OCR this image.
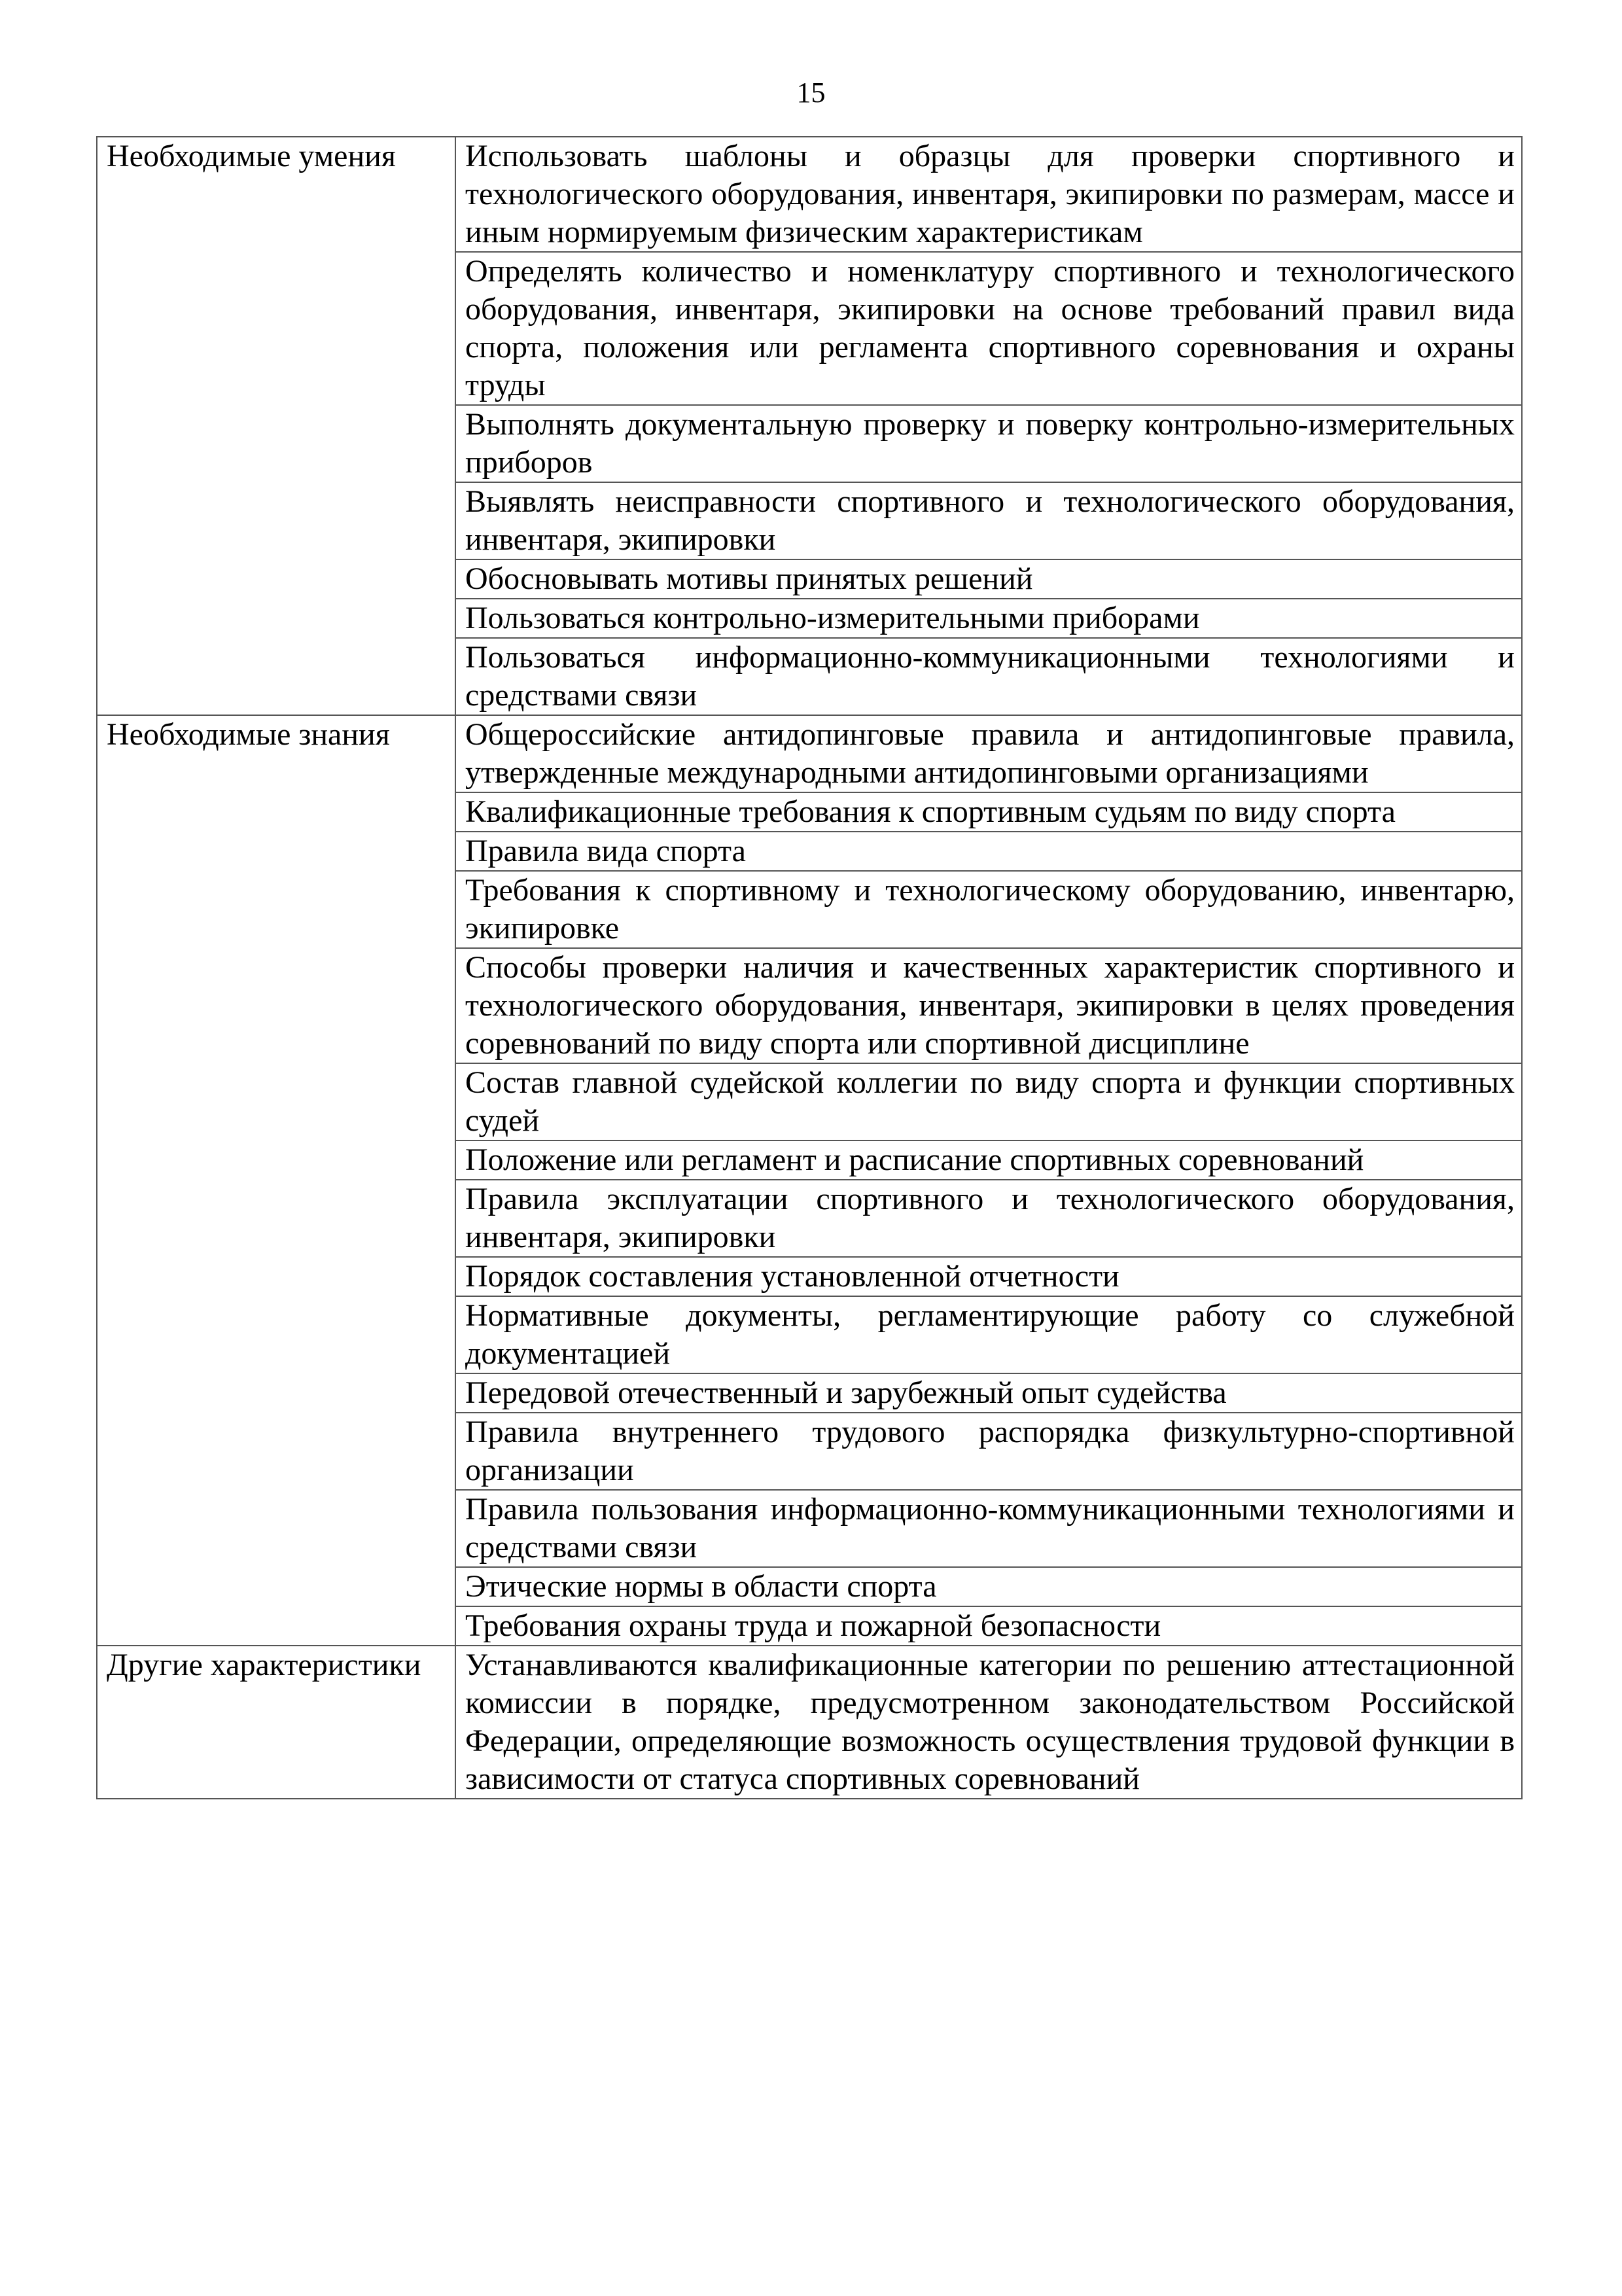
15
Необходимые умения	Использовать шаблоны и образцы для проверки спортивного и технологического оборудования, инвентаря, экипировки по размерам, массе и иным нормируемым физическим характеристикам
	Определять количество и номенклатуру спортивного и технологического оборудования, инвентаря, экипировки на основе требований правил вида спорта, положения или регламента спортивного соревнования и охраны труды
	Выполнять документальную проверку и поверку контрольно-измерительных приборов
	Выявлять неисправности спортивного и технологического оборудования, инвентаря, экипировки
	Обосновывать мотивы принятых решений
	Пользоваться контрольно-измерительными приборами
	Пользоваться информационно-коммуникационными технологиями и средствами связи
Необходимые знания	Общероссийские антидопинговые правила и антидопинговые правила, утвержденные международными антидопинговыми организациями
	Квалификационные требования к спортивным судьям по виду спорта
	Правила вида спорта
	Требования к спортивному и технологическому оборудованию, инвентарю, экипировке
	Способы проверки наличия и качественных характеристик спортивного и технологического оборудования, инвентаря, экипировки в целях проведения соревнований по виду спорта или спортивной дисциплине
	Состав главной судейской коллегии по виду спорта и функции спортивных судей
	Положение или регламент и расписание спортивных соревнований
	Правила эксплуатации спортивного и технологического оборудования, инвентаря, экипировки
	Порядок составления установленной отчетности
	Нормативные документы, регламентирующие работу со служебной документацией
	Передовой отечественный и зарубежный опыт судейства
	Правила внутреннего трудового распорядка физкультурно-спортивной организации
	Правила пользования информационно-коммуникационными технологиями и средствами связи
	Этические нормы в области спорта
	Требования охраны труда и пожарной безопасности
Другие характеристики	Устанавливаются квалификационные категории по решению аттестационной комиссии в порядке, предусмотренном законодательством Российской Федерации, определяющие возможность осуществления трудовой функции в зависимости от статуса спортивных соревнований
